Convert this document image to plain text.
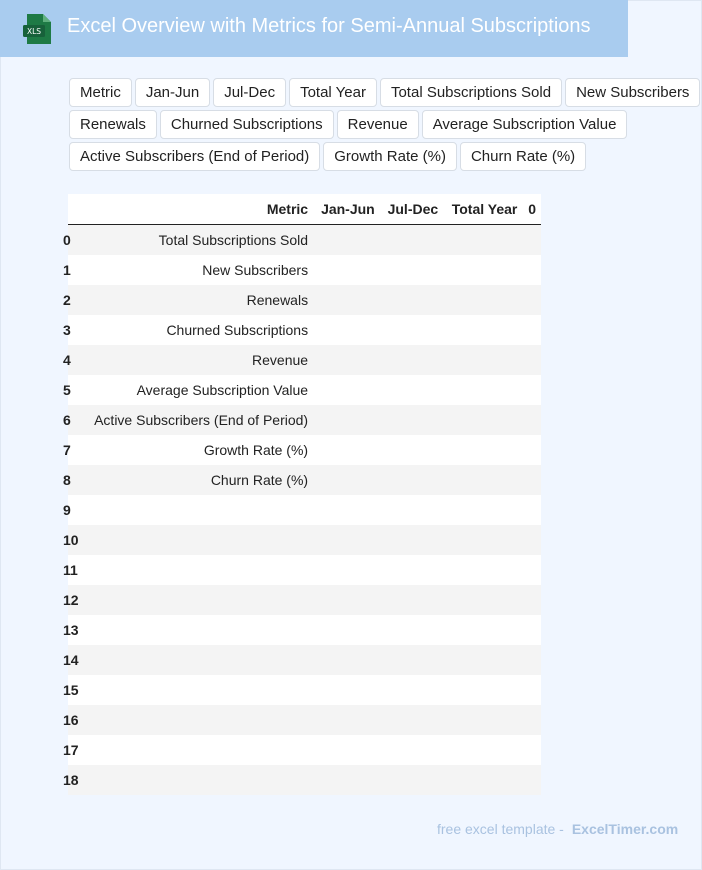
XLS Excel Overview with Metrics for Semi-Annual Subscriptions
Metric	Jan-Jun	Jul-Dec	Total Year	Total Subscriptions Sold	New Subscribers
Renewals	Churned Subscriptions	Revenue	Average Subscription Value
Active Subscribers (End of Period)	Growth Rate (%)	Churn Rate (%)
	Metric	Jan-Jun	Jul-Dec	Total Year	0
0	Total Subscriptions Sold				
1	New Subscribers				
2	Renewals				
3	Churned Subscriptions				
4	Revenue				
5	Average Subscription Value				
6	Active Subscribers (End of Period)				
7	Growth Rate (%)				
8	Churn Rate (%)				
9					
10					
11					
12					
13					
14					
15					
16					
17					
18					
free excel template - ExcelTimer.com
